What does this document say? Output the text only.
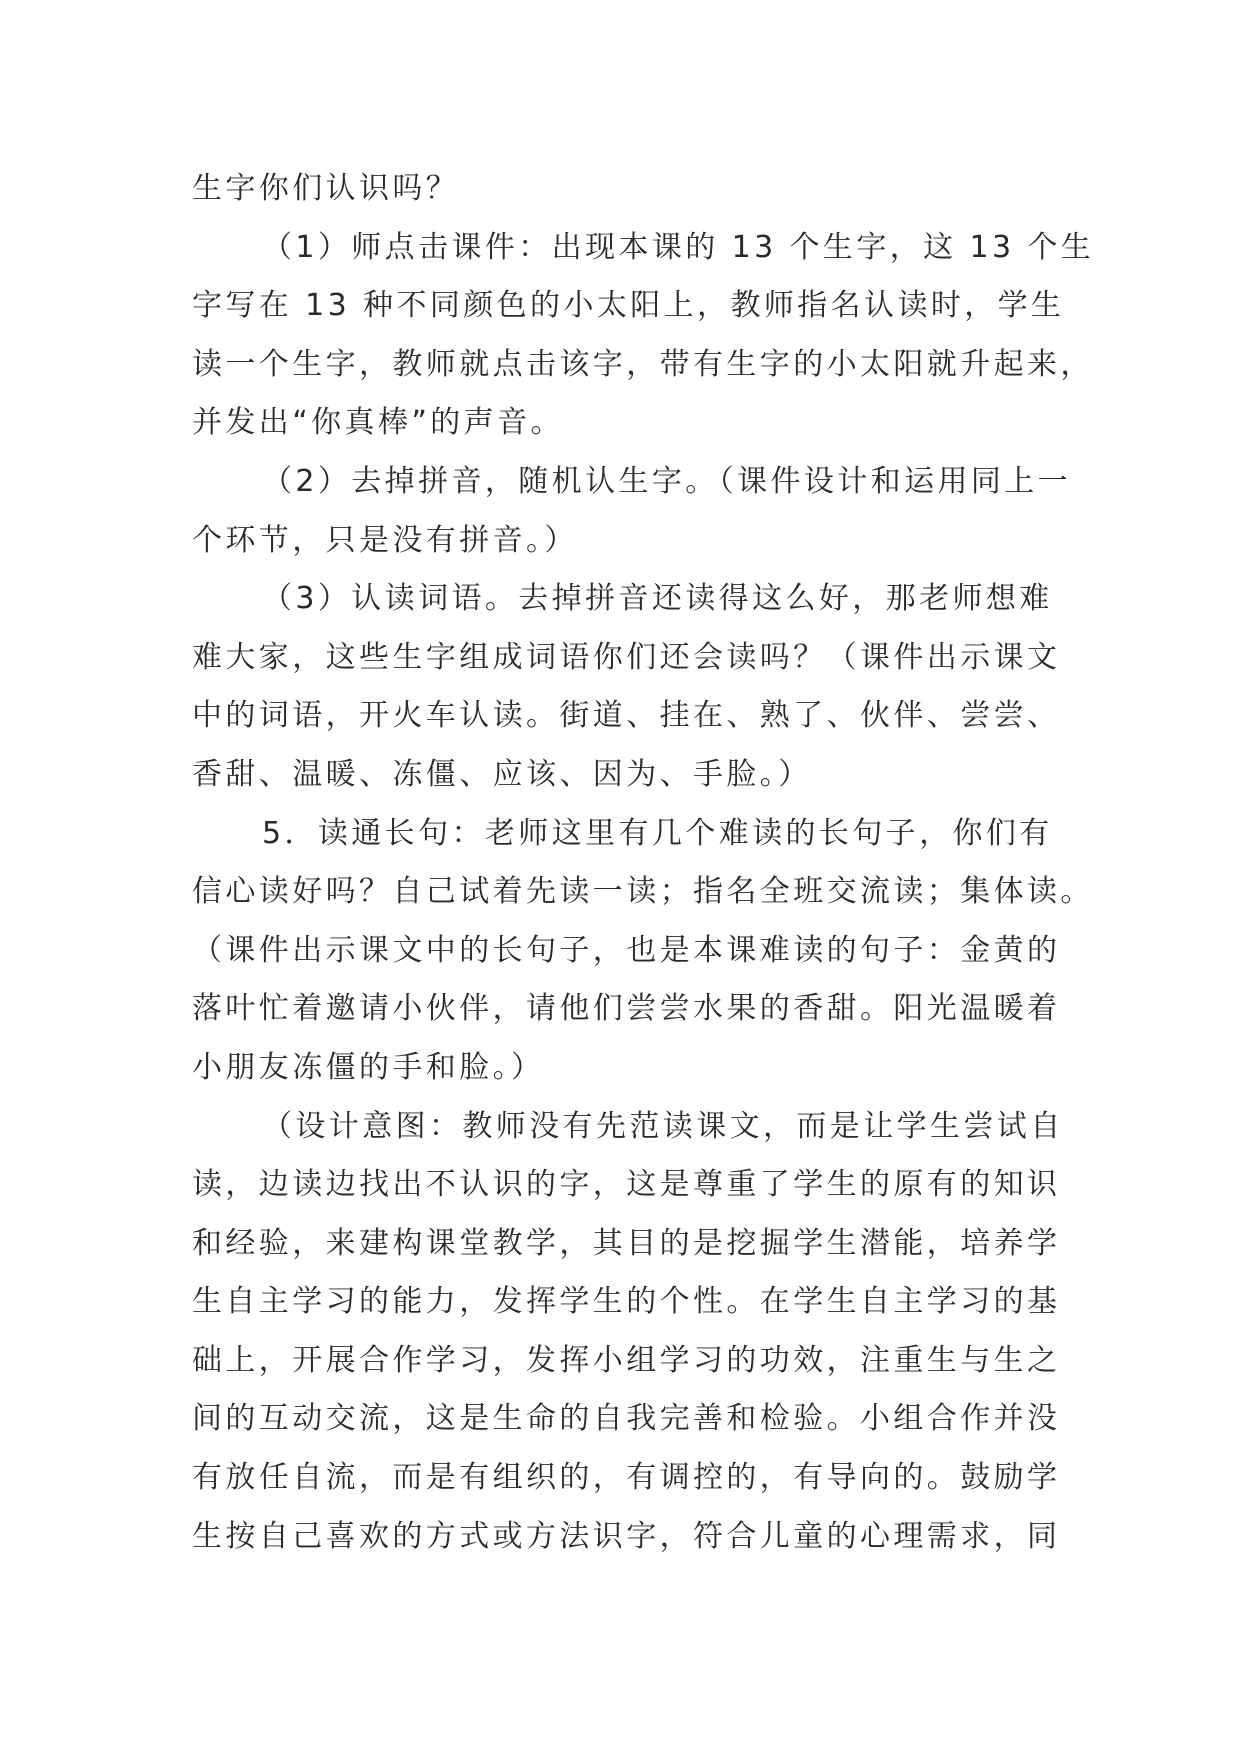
生字你们认识吗？
（1）师点击课件：出现本课的 13 个生字，这 13 个生
字写在 13 种不同颜色的小太阳上，教师指名认读时，学生
读一个生字，教师就点击该字，带有生字的小太阳就升起来，
并发出“你真棒”的声音。
（2）去掉拼音，随机认生字。（课件设计和运用同上一
个环节，只是没有拼音。）
（3）认读词语。去掉拼音还读得这么好，那老师想难
难大家，这些生字组成词语你们还会读吗？（课件出示课文
中的词语，开火车认读。街道、挂在、熟了、伙伴、尝尝、
香甜、温暖、冻僵、应该、因为、手脸。）
5．读通长句：老师这里有几个难读的长句子，你们有
信心读好吗？自己试着先读一读；指名全班交流读；集体读。
（课件出示课文中的长句子，也是本课难读的句子：金黄的
落叶忙着邀请小伙伴，请他们尝尝水果的香甜。阳光温暖着
小朋友冻僵的手和脸。）
（设计意图：教师没有先范读课文，而是让学生尝试自
读，边读边找出不认识的字，这是尊重了学生的原有的知识
和经验，来建构课堂教学，其目的是挖掘学生潜能，培养学
生自主学习的能力，发挥学生的个性。在学生自主学习的基
础上，开展合作学习，发挥小组学习的功效，注重生与生之
间的互动交流，这是生命的自我完善和检验。小组合作并没
有放任自流，而是有组织的，有调控的，有导向的。鼓励学
生按自己喜欢的方式或方法识字，符合儿童的心理需求，同
